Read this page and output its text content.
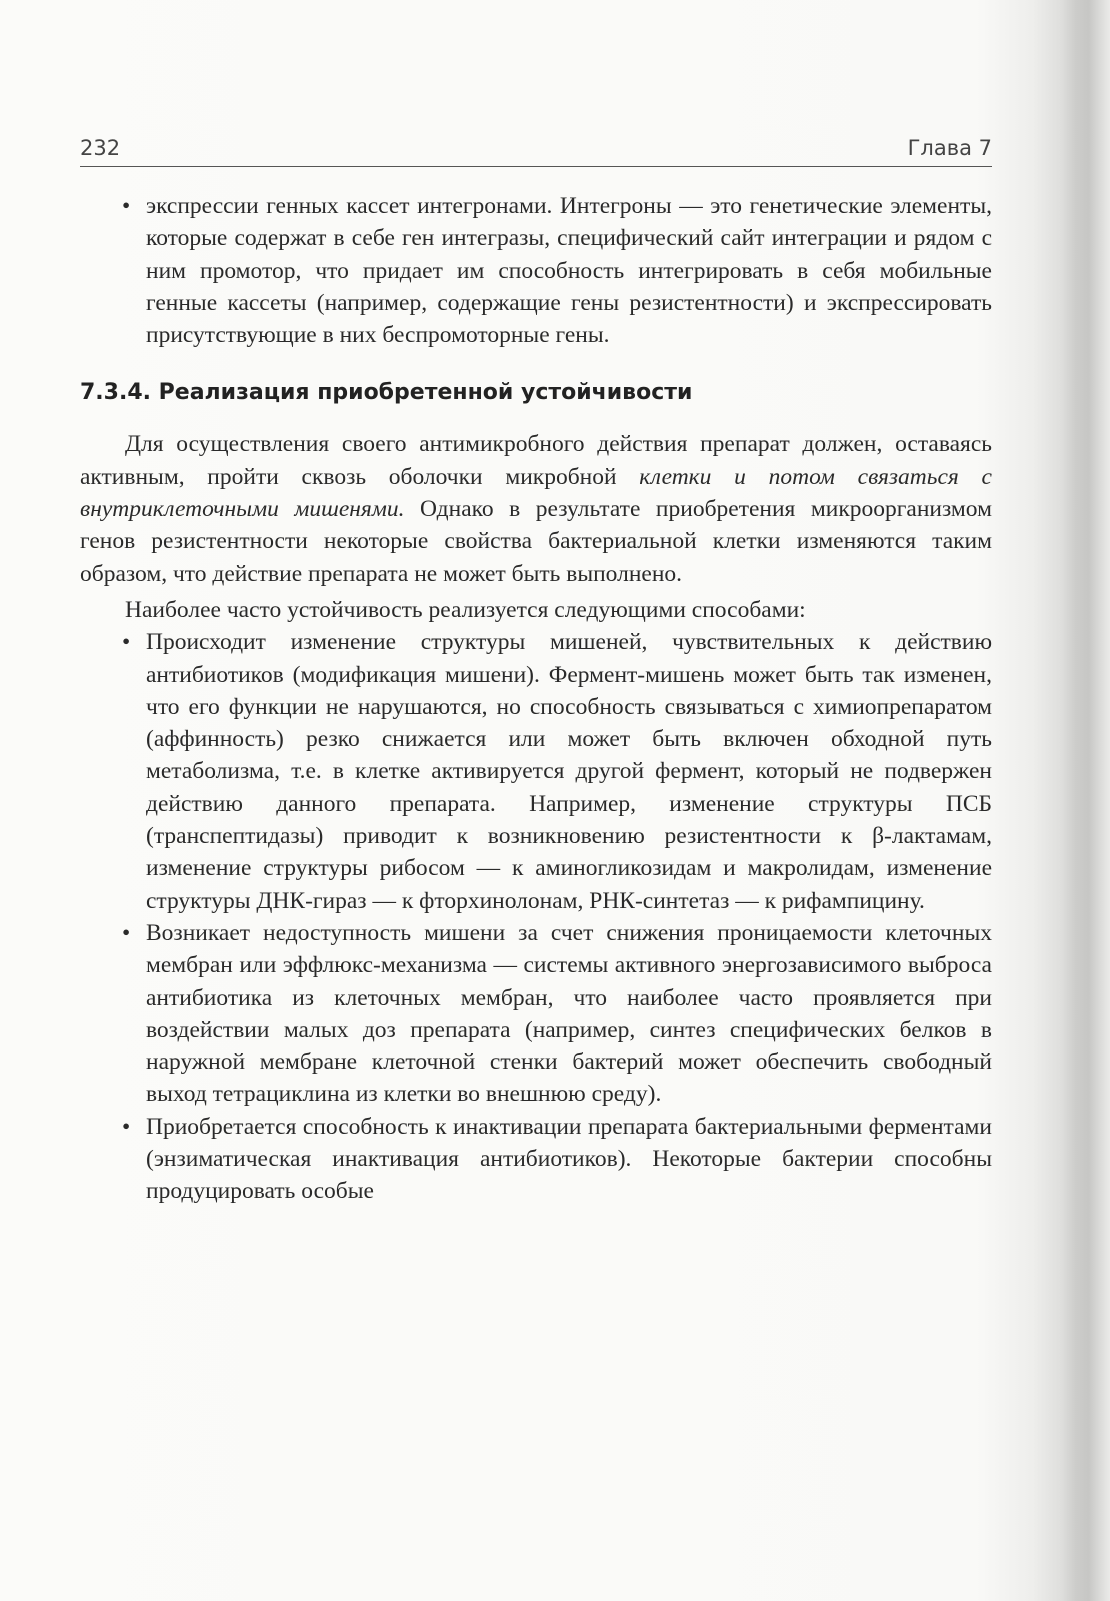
232	Глава 7
• экспрессии генных кассет интегронами. Интегроны — это генетические элементы, которые содержат в себе ген интегразы, специфический сайт интеграции и рядом с ним промотор, что придает им способность интегрировать в себя мобильные генные кассеты (например, содержащие гены резистентности) и экспрессировать присутствующие в них беспромоторные гены.
7.3.4. Реализация приобретенной устойчивости

Для осуществления своего антимикробного действия препарат должен, оставаясь активным, пройти сквозь оболочки микробной клетки и потом связаться с внутриклеточными мишенями. Однако в результате приобретения микроорганизмом генов резистентности некоторые свойства бактериальной клетки изменяются таким образом, что действие препарата не может быть выполнено.

Наиболее часто устойчивость реализуется следующими способами:

• Происходит изменение структуры мишеней, чувствительных к действию антибиотиков (модификация мишени). Фермент-мишень может быть так изменен, что его функции не нарушаются, но способность связываться с химиопрепаратом (аффинность) резко снижается или может быть включен обходной путь метаболизма, т.е. в клетке активируется другой фермент, который не подвержен действию данного препарата. Например, изменение структуры ПСБ (транспептидазы) приводит к возникновению резистентности к β-лактамам, изменение структуры рибосом — к аминогликозидам и макролидам, изменение структуры ДНК-гираз — к фторхинолонам, РНК-синтетаз — к рифампицину.
• Возникает недоступность мишени за счет снижения проницаемости клеточных мембран или эффлюкс-механизма — системы активного энергозависимого выброса антибиотика из клеточных мембран, что наиболее часто проявляется при воздействии малых доз препарата (например, синтез специфических белков в наружной мембране клеточной стенки бактерий может обеспечить свободный выход тетрациклина из клетки во внешнюю среду).
• Приобретается способность к инактивации препарата бактериальными ферментами (энзиматическая инактивация антибиотиков). Некоторые бактерии способны продуцировать особые
